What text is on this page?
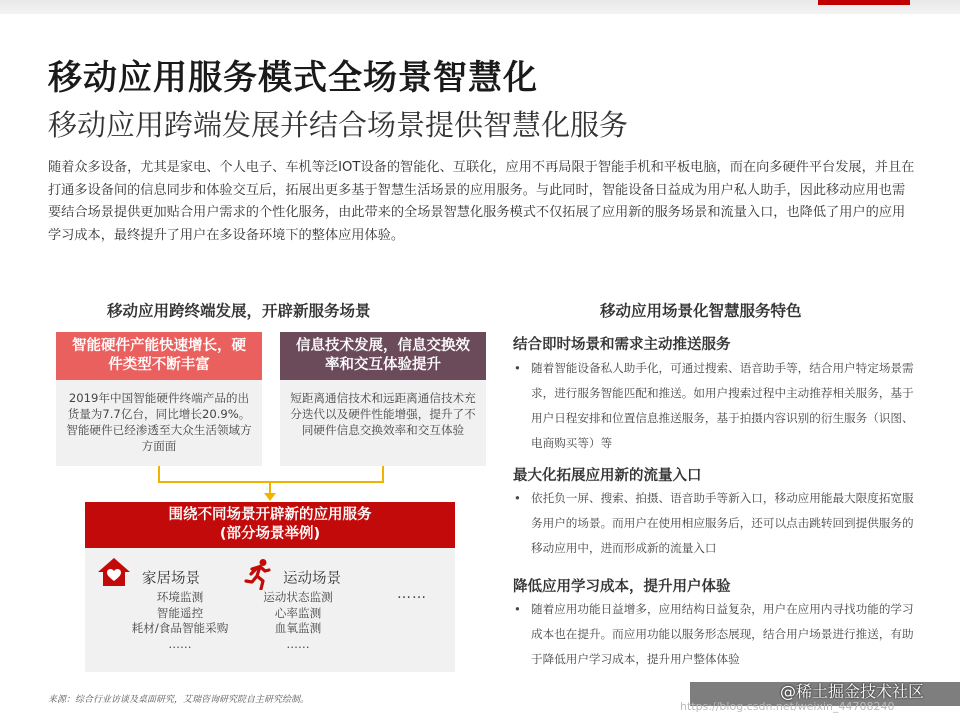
移动应用服务模式全场景智慧化
移动应用跨端发展并结合场景提供智慧化服务
随着众多设备，尤其是家电、个人电子、车机等泛IOT设备的智能化、互联化，应用不再局限于智能手机和平板电脑，而在向多硬件平台发展，并且在打通多设备间的信息同步和体验交互后，拓展出更多基于智慧生活场景的应用服务。与此同时，智能设备日益成为用户私人助手，因此移动应用也需要结合场景提供更加贴合用户需求的个性化服务，由此带来的全场景智慧化服务模式不仅拓展了应用新的服务场景和流量入口，也降低了用户的应用学习成本，最终提升了用户在多设备环境下的整体应用体验。
移动应用跨终端发展，开辟新服务场景
智能硬件产能快速增长，硬件类型不断丰富
2019年中国智能硬件终端产品的出货量为7.7亿台，同比增长20.9%。智能硬件已经渗透至大众生活领域方方面面
信息技术发展，信息交换效率和交互体验提升
短距离通信技术和远距离通信技术充分迭代以及硬件性能增强，提升了不同硬件信息交换效率和交互体验
围绕不同场景开辟新的应用服务
(部分场景举例)
家居场景
环境监测
智能遥控
耗材/食品智能采购
……
运动场景
运动状态监测
心率监测
血氧监测
……
……
移动应用场景化智慧服务特色
结合即时场景和需求主动推送服务
• 随着智能设备私人助手化，可通过搜索、语音助手等，结合用户特定场景需求，进行服务智能匹配和推送。如用户搜索过程中主动推荐相关服务，基于用户日程安排和位置信息推送服务，基于拍摄内容识别的衍生服务（识图、电商购买等）等
最大化拓展应用新的流量入口
• 依托负一屏、搜索、拍摄、语音助手等新入口，移动应用能最大限度拓宽服务用户的场景。而用户在使用相应服务后，还可以点击跳转回到提供服务的移动应用中，进而形成新的流量入口
降低应用学习成本，提升用户体验
• 随着应用功能日益增多，应用结构日益复杂，用户在应用内寻找功能的学习成本也在提升。而应用功能以服务形态展现，结合用户场景进行推送，有助于降低用户学习成本，提升用户整体体验
来源：综合行业访谈及桌面研究，艾瑞咨询研究院自主研究绘制。	@稀土掘金技术社区
https://blog.csdn.net/weixin_44708240
